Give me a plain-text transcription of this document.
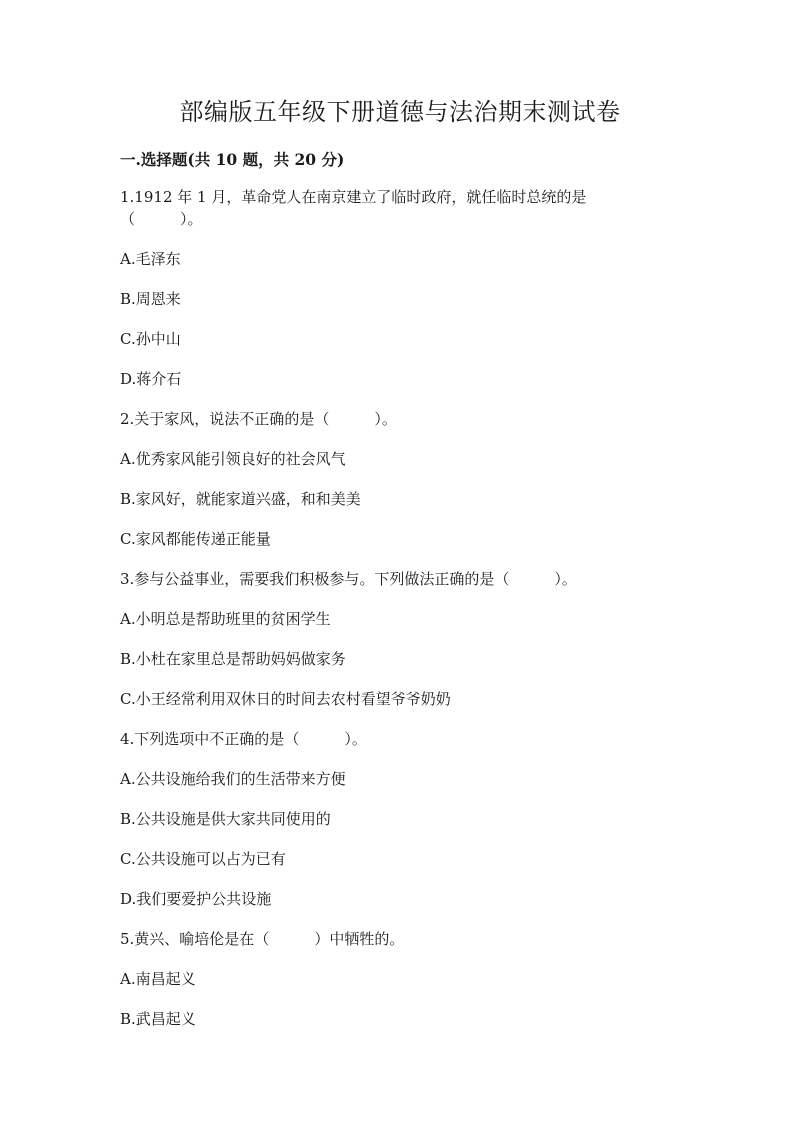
部编版五年级下册道德与法治期末测试卷
一.选择题(共 10 题，共 20 分)
1.1912 年 1 月，革命党人在南京建立了临时政府，就任临时总统的是
（　　　）。
A.毛泽东
B.周恩来
C.孙中山
D.蒋介石
2.关于家风，说法不正确的是（　　　）。
A.优秀家风能引领良好的社会风气
B.家风好，就能家道兴盛，和和美美
C.家风都能传递正能量
3.参与公益事业，需要我们积极参与。下列做法正确的是（　　　）。
A.小明总是帮助班里的贫困学生
B.小杜在家里总是帮助妈妈做家务
C.小王经常利用双休日的时间去农村看望爷爷奶奶
4.下列选项中不正确的是（　　　）。
A.公共设施给我们的生活带来方便
B.公共设施是供大家共同使用的
C.公共设施可以占为已有
D.我们要爱护公共设施
5.黄兴、喻培伦是在（　　　）中牺牲的。
A.南昌起义
B.武昌起义
